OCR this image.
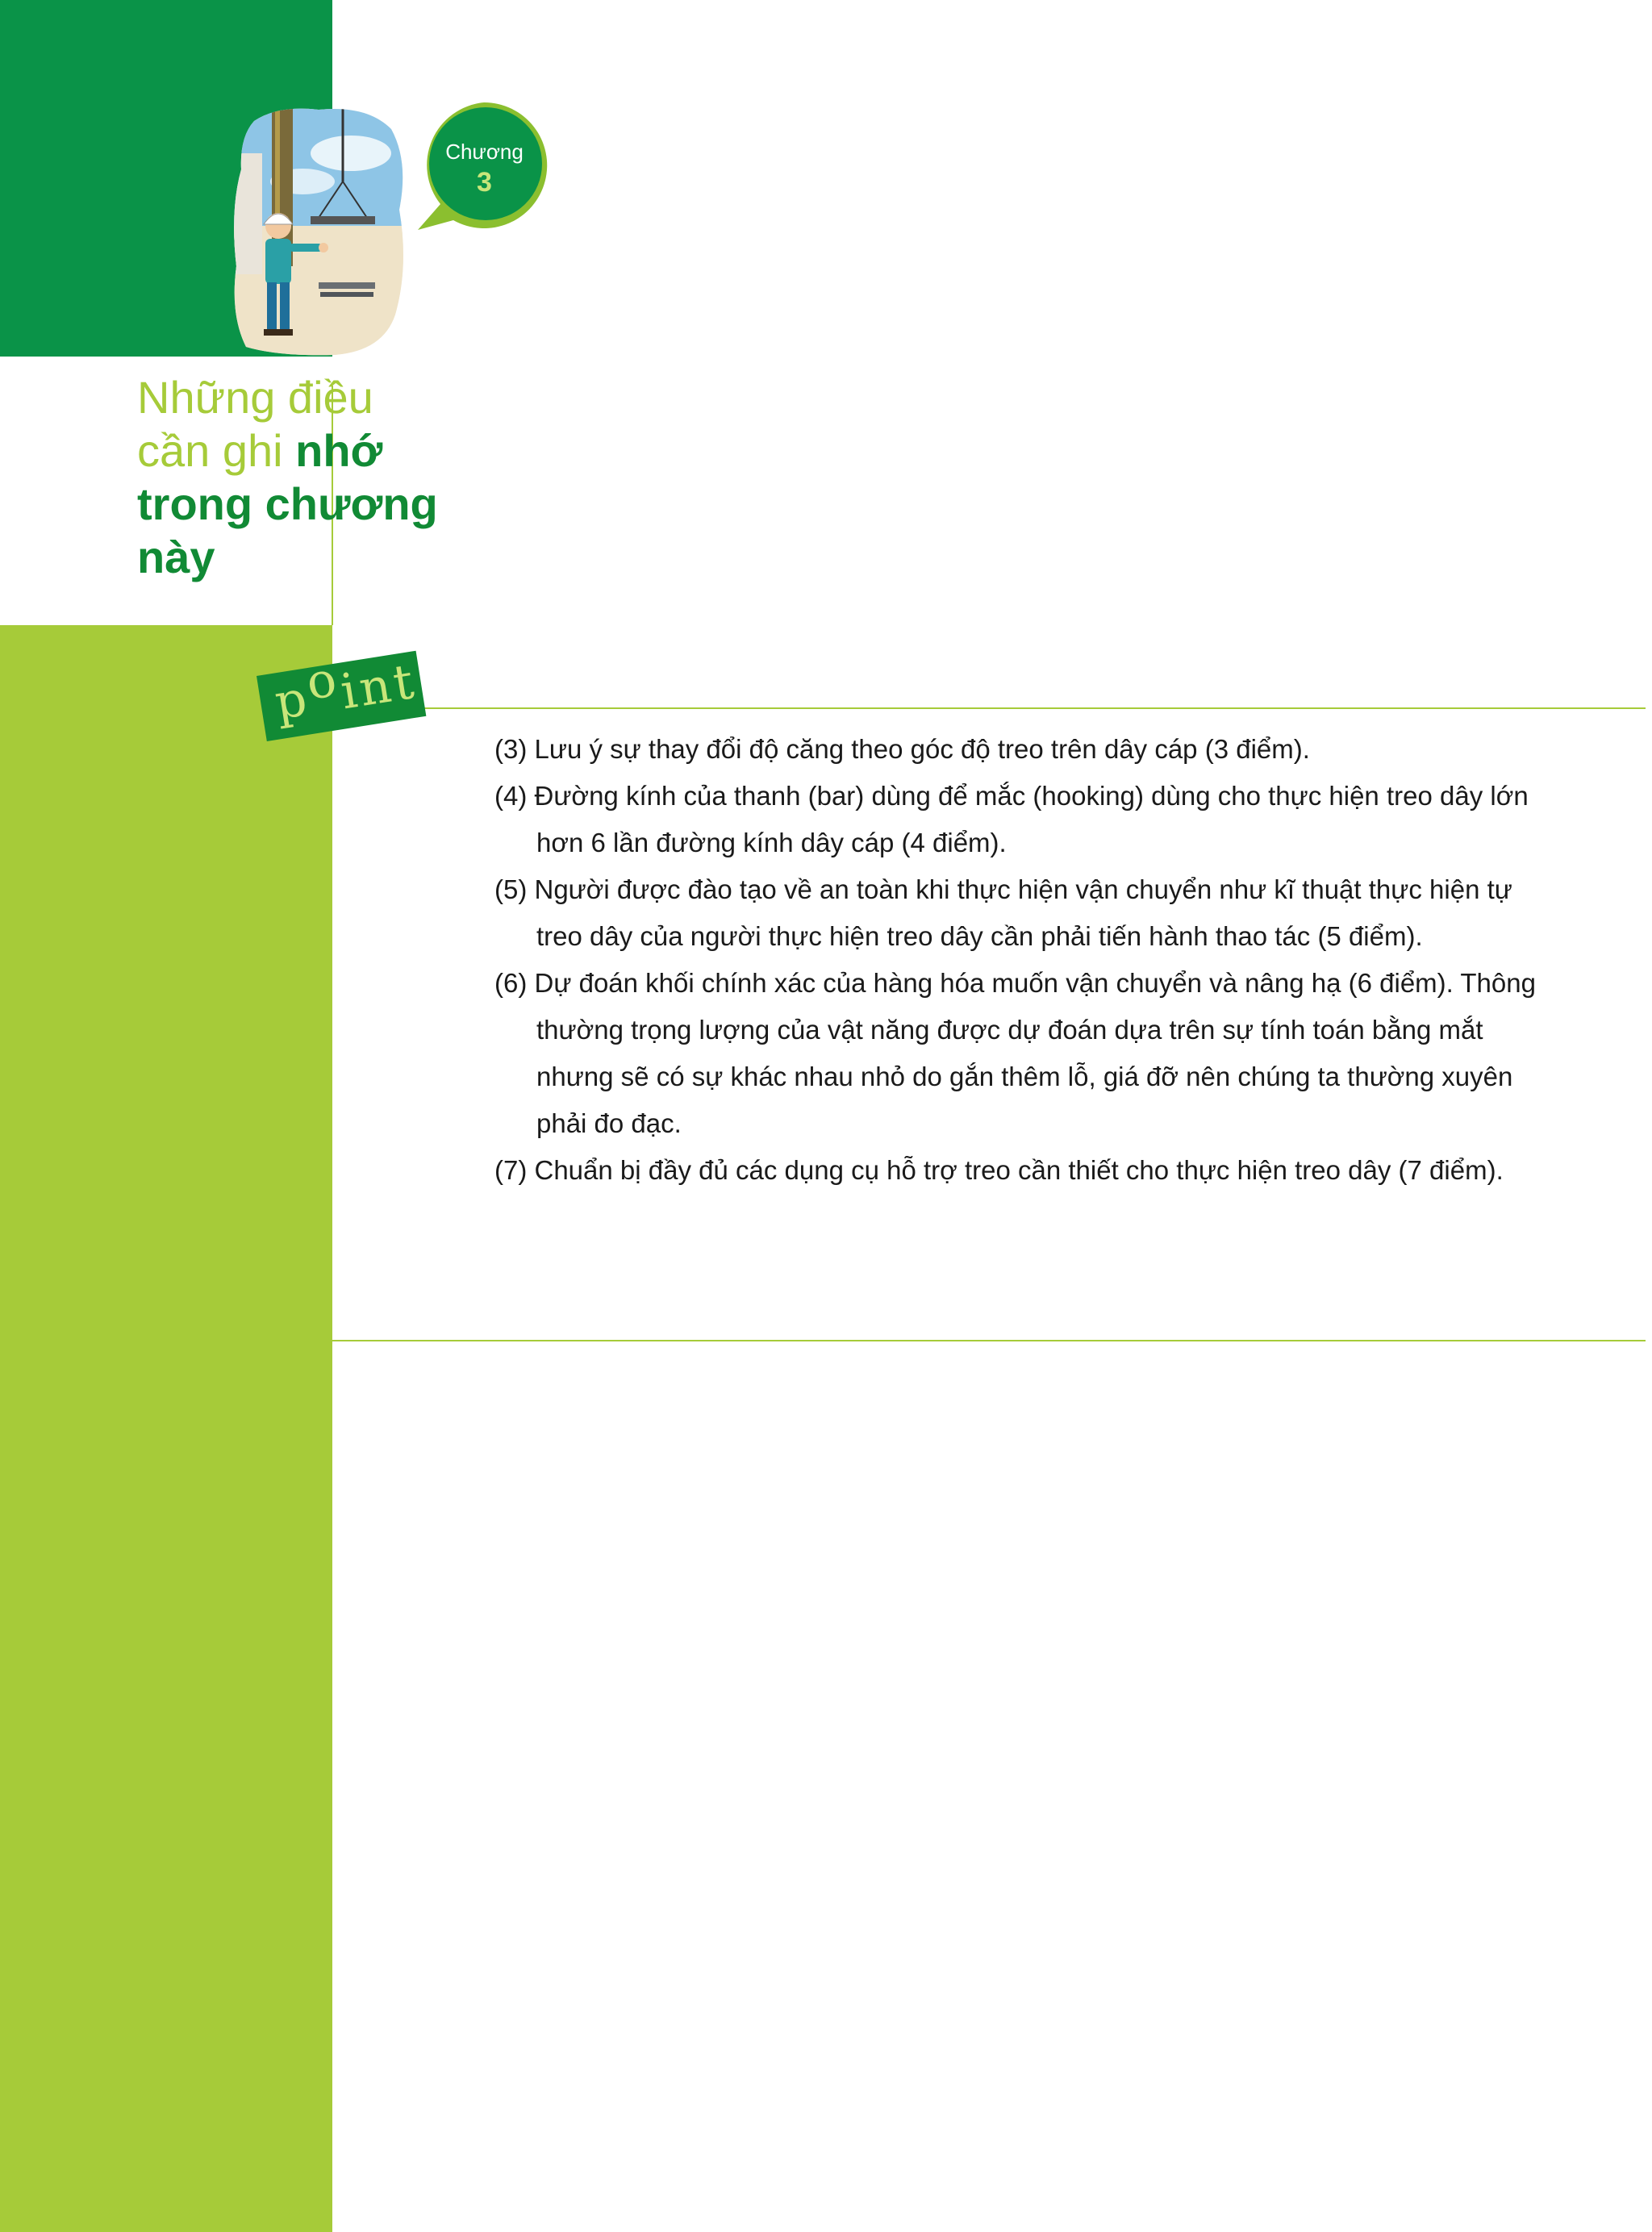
Chương
3
Những điều
cần ghi nhớ
trong chương
này
point
(3) Lưu ý sự thay đổi độ căng theo góc độ treo trên dây cáp (3 điểm).
(4) Đường kính của thanh (bar) dùng để mắc (hooking) dùng cho thực hiện treo dây lớn hơn 6 lần đường kính dây cáp (4 điểm).
(5) Người được đào tạo về an toàn khi thực hiện vận chuyển như kĩ thuật thực hiện tự treo dây của người thực hiện treo dây cần phải tiến hành thao tác (5 điểm).
(6) Dự đoán khối chính xác của hàng hóa muốn vận chuyển và nâng hạ (6 điểm). Thông thường trọng lượng của vật năng được dự đoán dựa trên sự tính toán bằng mắt nhưng sẽ có sự khác nhau nhỏ do gắn thêm lỗ, giá đỡ nên chúng ta thường xuyên phải đo đạc.
(7) Chuẩn bị đầy đủ các dụng cụ hỗ trợ treo cần thiết cho thực hiện treo dây (7 điểm).
